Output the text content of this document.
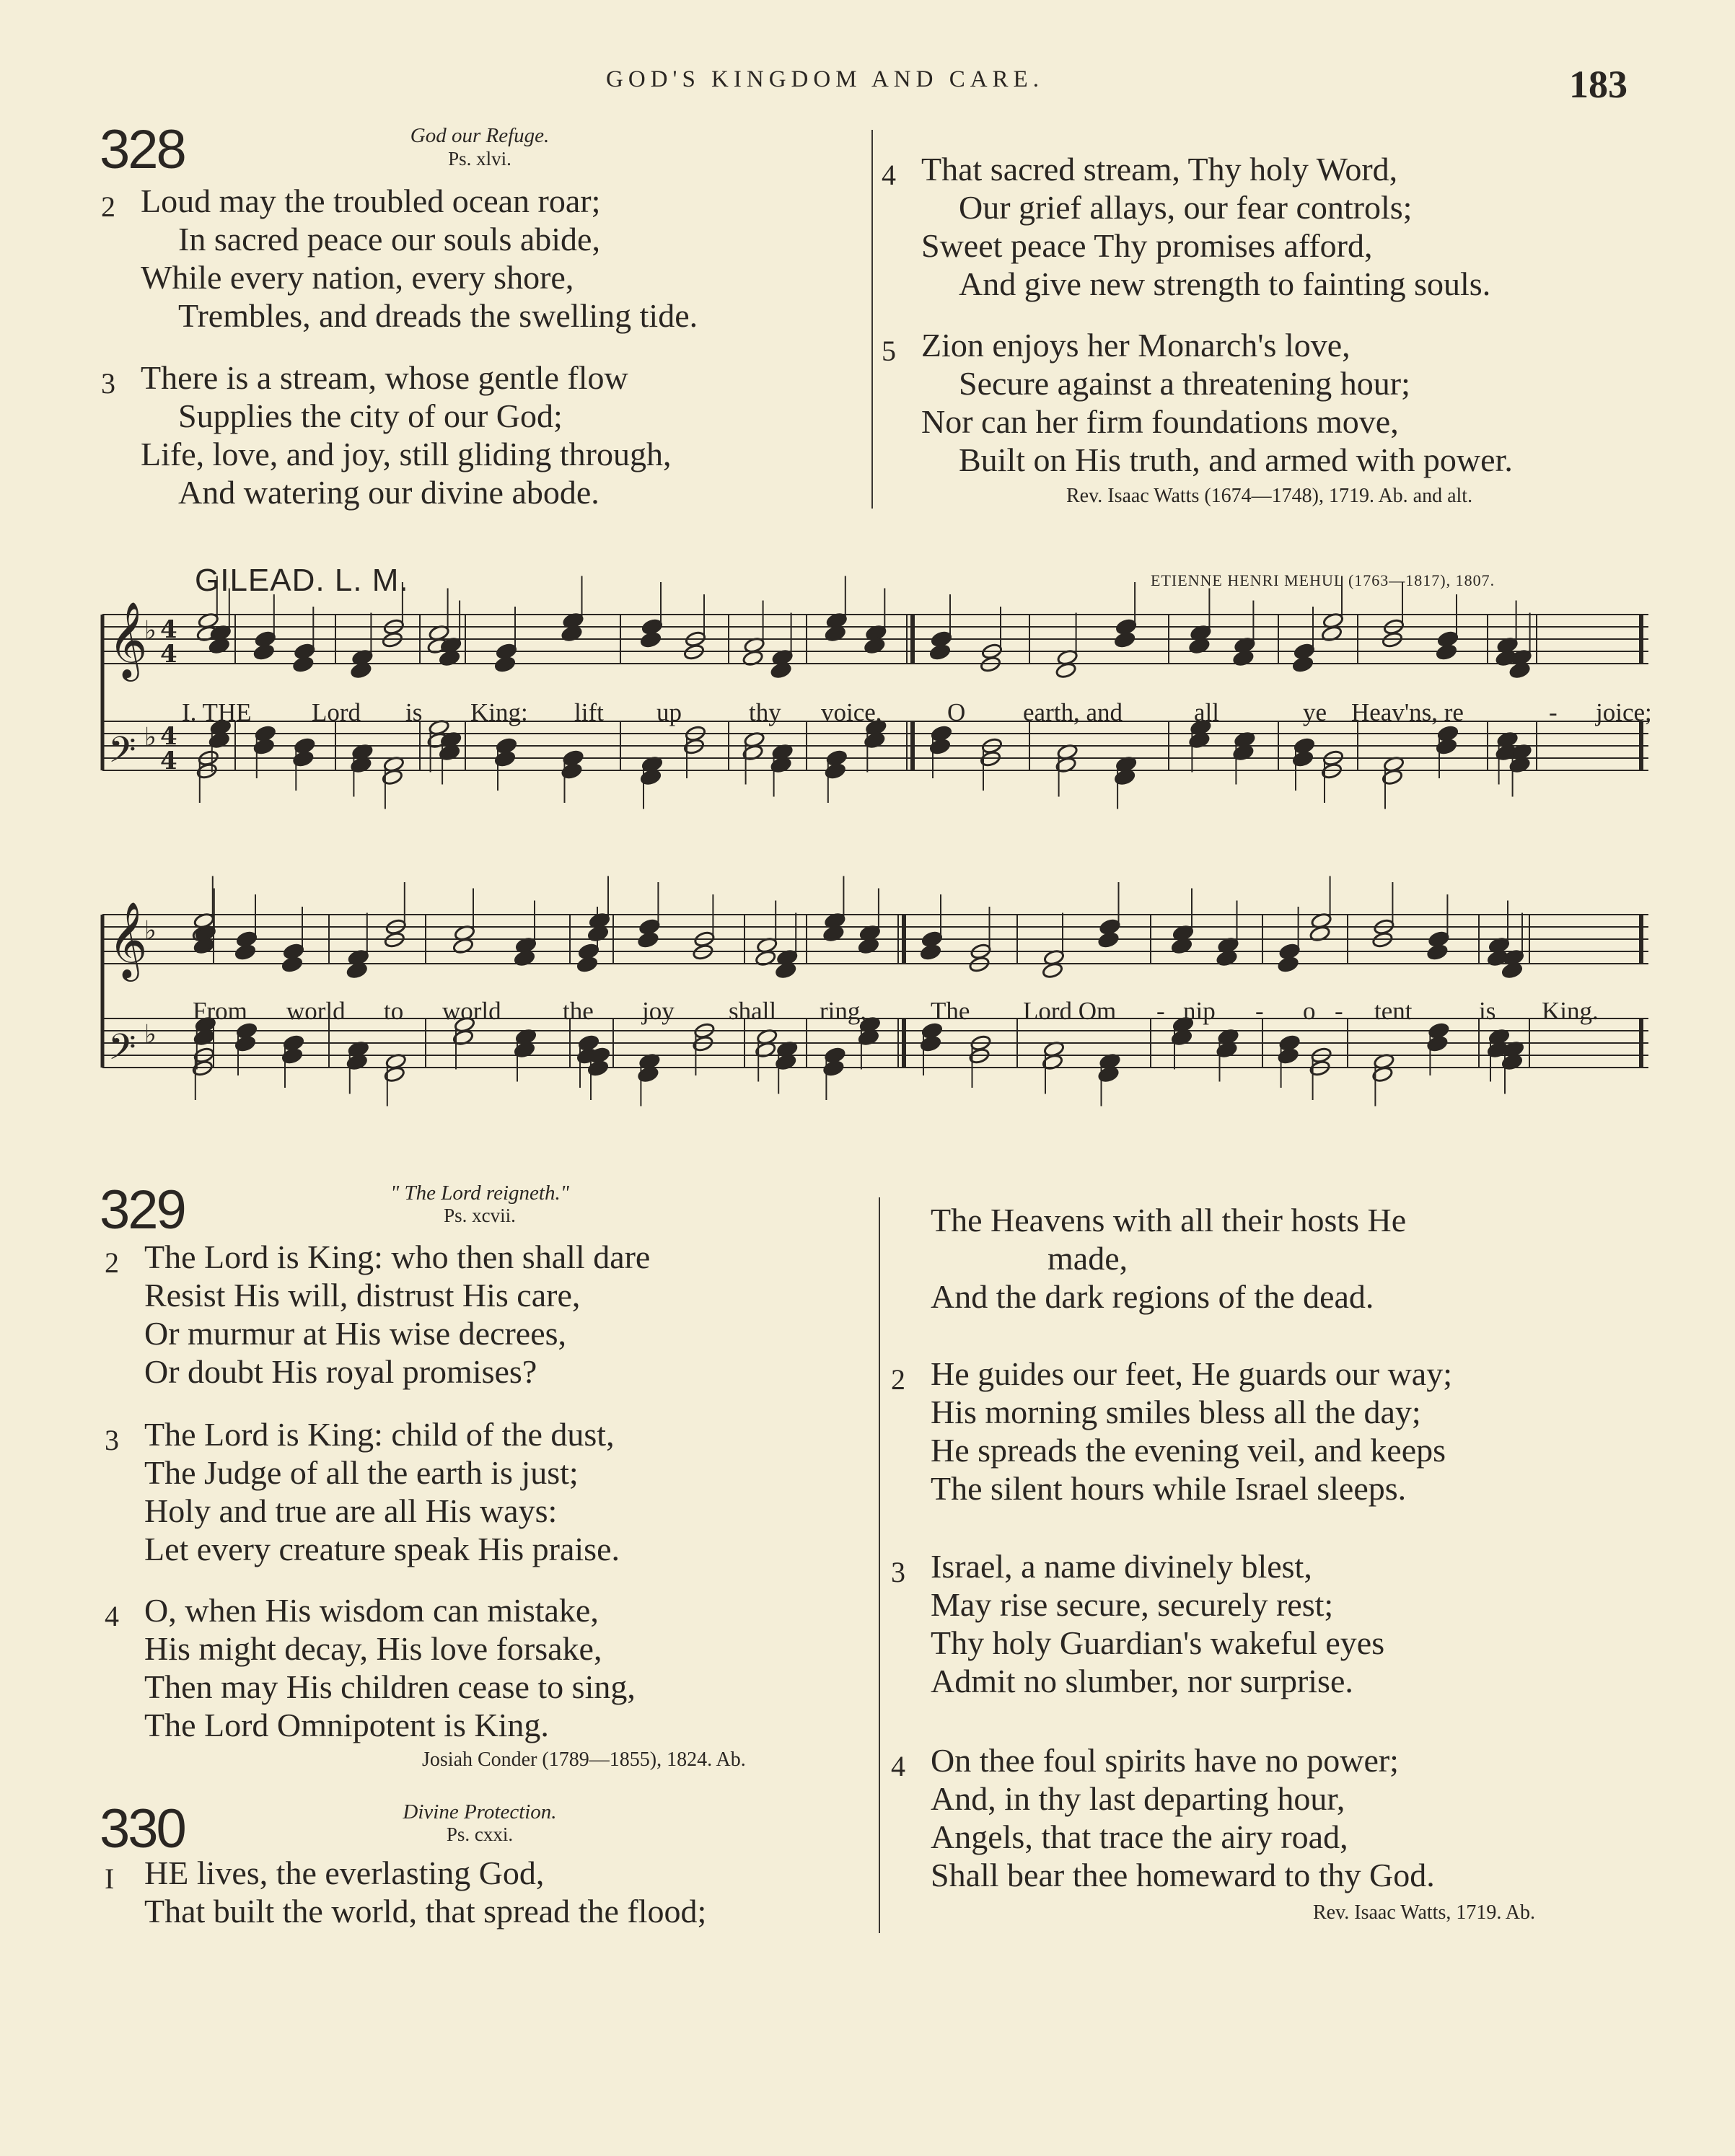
GOD'S KINGDOM AND CARE.	183
328	God our Refuge.
Ps. xlvi.
2 Loud may the troubled ocean roar;
In sacred peace our souls abide,
While every nation, every shore,
Trembles, and dreads the swelling tide.
3 There is a stream, whose gentle flow
Supplies the city of our God;
Life, love, and joy, still gliding through,
And watering our divine abode.
4 That sacred stream, Thy holy Word,
Our grief allays, our fear controls;
Sweet peace Thy promises afford,
And give new strength to fainting souls.
5 Zion enjoys her Monarch's love,
Secure against a threatening hour;
Nor can her firm foundations move,
Built on His truth, and armed with power.
Rev. Isaac Watts (1674—1748), 1719. Ab. and alt.
GILEAD. L. M.	ETIENNE HENRI MEHUL (1763—1817), 1807.
𝄞
♭ 4
4
𝄢 ♭ 4
4
𝄞
♭
𝄢 ♭
I. THE Lord is King: lift up	thy voice,	O earth, and	all	ye Heav'ns, re	- joice;
From world to world the joy shall ring,	The Lord Om - nip - o - tent	is King.
329	" The Lord reigneth."
Ps. xcvii.
2 The Lord is King: who then shall dare
Resist His will, distrust His care,
Or murmur at His wise decrees,
Or doubt His royal promises?
3 The Lord is King: child of the dust,
The Judge of all the earth is just;
Holy and true are all His ways:
Let every creature speak His praise.
4 O, when His wisdom can mistake,
His might decay, His love forsake,
Then may His children cease to sing,
The Lord Omnipotent is King.
Josiah Conder (1789—1855), 1824. Ab.
330	Divine Protection.
Ps. cxxi.
I HE lives, the everlasting God,
That built the world, that spread the flood;
The Heavens with all their hosts He
made,
And the dark regions of the dead.
2 He guides our feet, He guards our way;
His morning smiles bless all the day;
He spreads the evening veil, and keeps
The silent hours while Israel sleeps.
3 Israel, a name divinely blest,
May rise secure, securely rest;
Thy holy Guardian's wakeful eyes
Admit no slumber, nor surprise.
4 On thee foul spirits have no power;
And, in thy last departing hour,
Angels, that trace the airy road,
Shall bear thee homeward to thy God.
Rev. Isaac Watts, 1719. Ab.
